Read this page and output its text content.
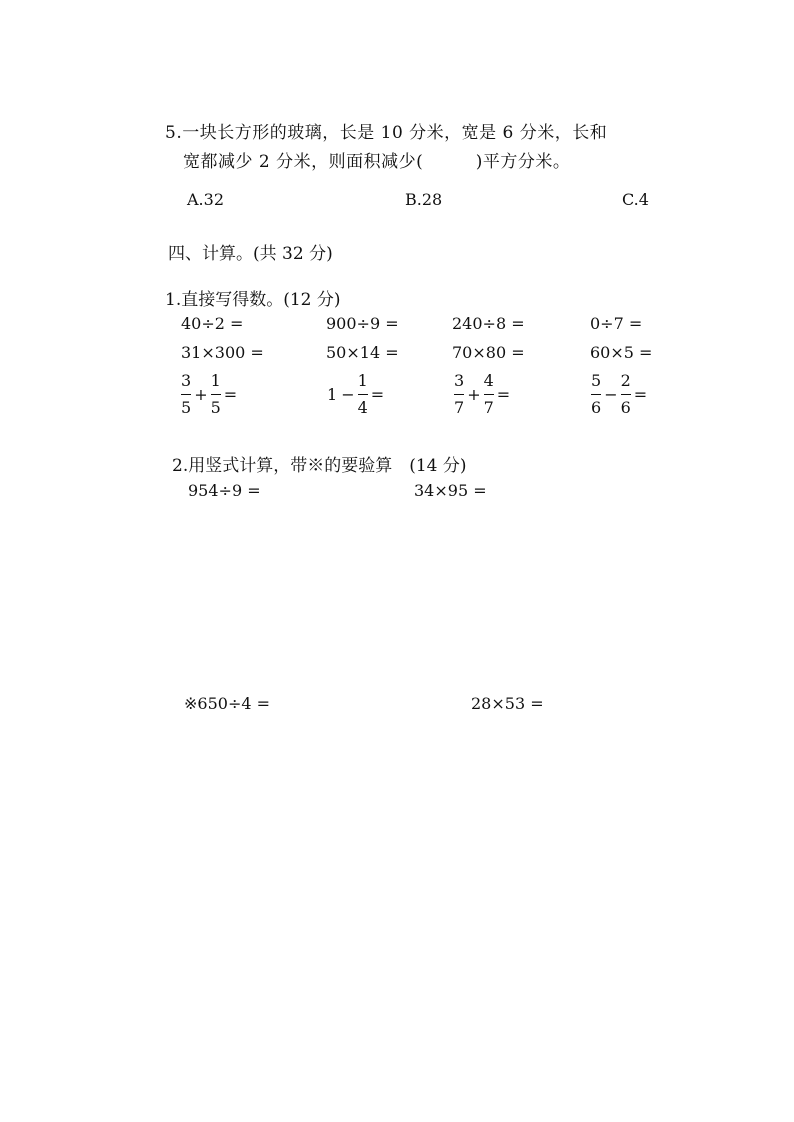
5.一块长方形的玻璃，长是 10 分米，宽是 6 分米，长和
宽都减少 2 分米，则面积减少(　　　)平方分米。
A.32	B.28	C.4
四、计算。(共 32 分)
1.直接写得数。(12 分)
40÷2 =	900÷9 =	240÷8 =	0÷7 =
31×300 =	50×14 =	70×80 =	60×5 =
$\frac{3}{5} + \frac{1}{5}$ =	$1 - \frac{1}{4}$ =	$\frac{3}{7} + \frac{4}{7}$ =	$\frac{5}{6} - \frac{2}{6}$ =
2.用竖式计算，带※的要验算　(14 分)
954÷9 =	34×95 =
※650÷4 =	28×53 =
